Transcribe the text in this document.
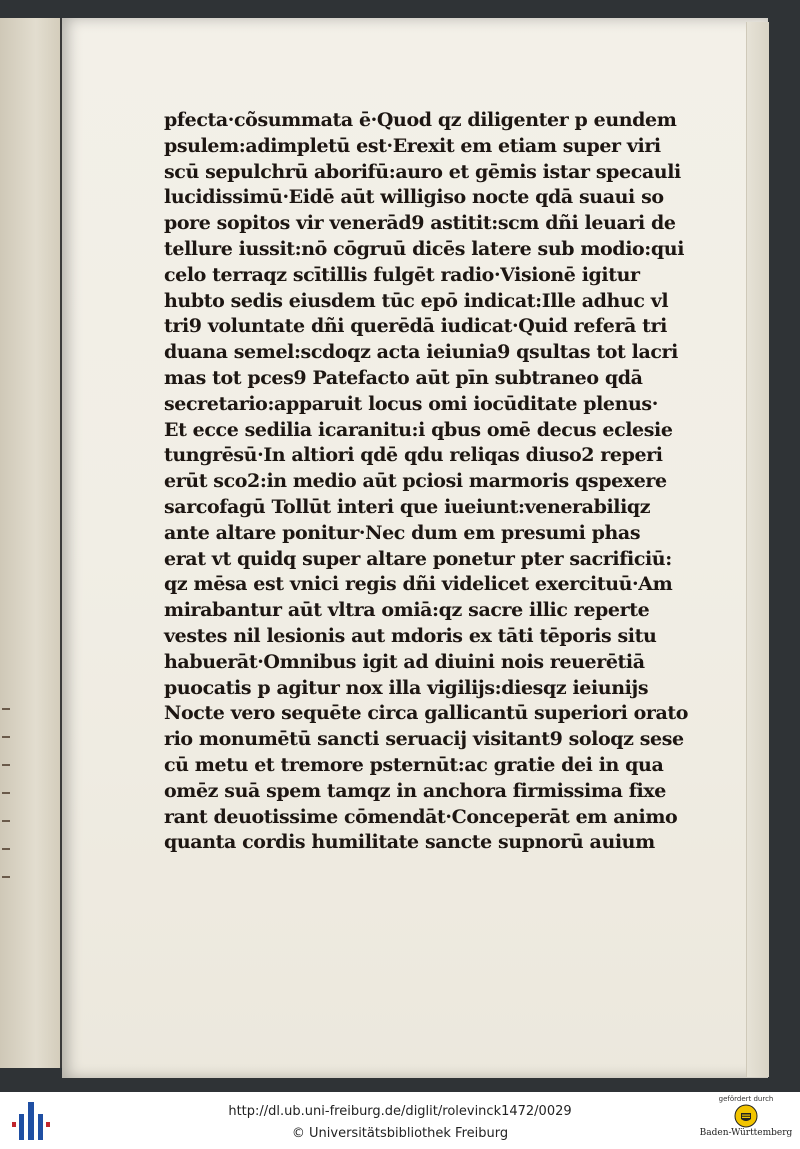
pfecta·cõsummata ē·Quod qz diligenter p eundem
psulem:adimpletū est·Erexit em etiam super viri
scū sepulchrū aborifū:auro et gēmis istar specauli
lucidissimū·Eidē aūt willigiso nocte qdā suaui so
pore sopitos vir venerād9 astitit:scm dñi leuari de
tellure iussit:nō cōgruū dicēs latere sub modio:qui
celo terraqz scītillis fulgēt radio·Visionē igitur
hubto sedis eiusdem tūc epō indicat:Ille adhuc vl
tri9 voluntate dñi querēdā iudicat·Quid referā tri
duana semel:scdoqz acta ieiunia9 qsultas tot lacri
mas tot pces9 Patefacto aūt pīn subtraneo qdā
secretario:apparuit locus omi iocūditate plenus·
Et ecce sedilia icaranitu:i qbus omē decus eclesie
tungrēsū·In altiori qdē qdu reliqas diuso2 reperi
erūt sco2:in medio aūt pciosi marmoris qspexere
sarcofagū Tollūt interi que iueiunt:venerabiliqz
ante altare ponitur·Nec dum em presumi phas
erat vt quidq super altare ponetur pter sacrificiū:
qz mēsa est vnici regis dñi videlicet exercituū·Am
mirabantur aūt vltra omiā:qz sacre illic reperte
vestes nil lesionis aut mdoris ex tāti tēporis situ
habuerāt·Omnibus igit ad diuini nois reuerētiā
puocatis p agitur nox illa vigilijs:diesqz ieiunijs
Nocte vero sequēte circa gallicantū superiori orato
rio monumētū sancti seruacij visitant9 soloqz sese
cū metu et tremore psternūt:ac gratie dei in qua
omēz suā spem tamqz in anchora firmissima fixe
rant deuotissime cōmendāt·Conceperāt em animo
quanta cordis humilitate sancte supnorū auium
http://dl.ub.uni-freiburg.de/diglit/rolevinck1472/0029
© Universitätsbibliothek Freiburg
gefördert durch
Baden-Württemberg
